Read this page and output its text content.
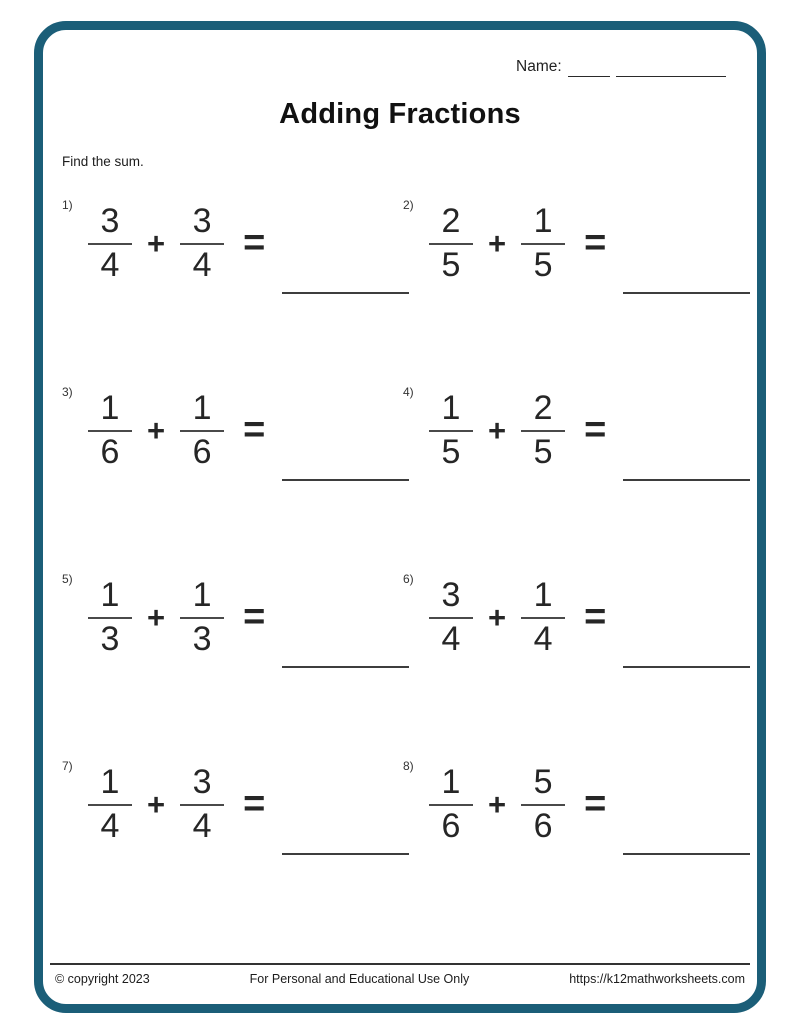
Name:
Adding Fractions
Find the sum.
$1) \frac{3}{4} + \frac{3}{4}$ =
$2) \frac{2}{5} + \frac{1}{5}$ =
$3) \frac{1}{6} + \frac{1}{6}$ =
$4) \frac{1}{5} + \frac{2}{5}$ =
$5) \frac{1}{3} + \frac{1}{3}$ =
$6) \frac{3}{4} + \frac{1}{4}$ =
$7) \frac{1}{4} + \frac{3}{4}$ =
$8) \frac{1}{6} + \frac{5}{6}$ =
© copyright 2023	For Personal and Educational Use Only	https://k12mathworksheets.com
